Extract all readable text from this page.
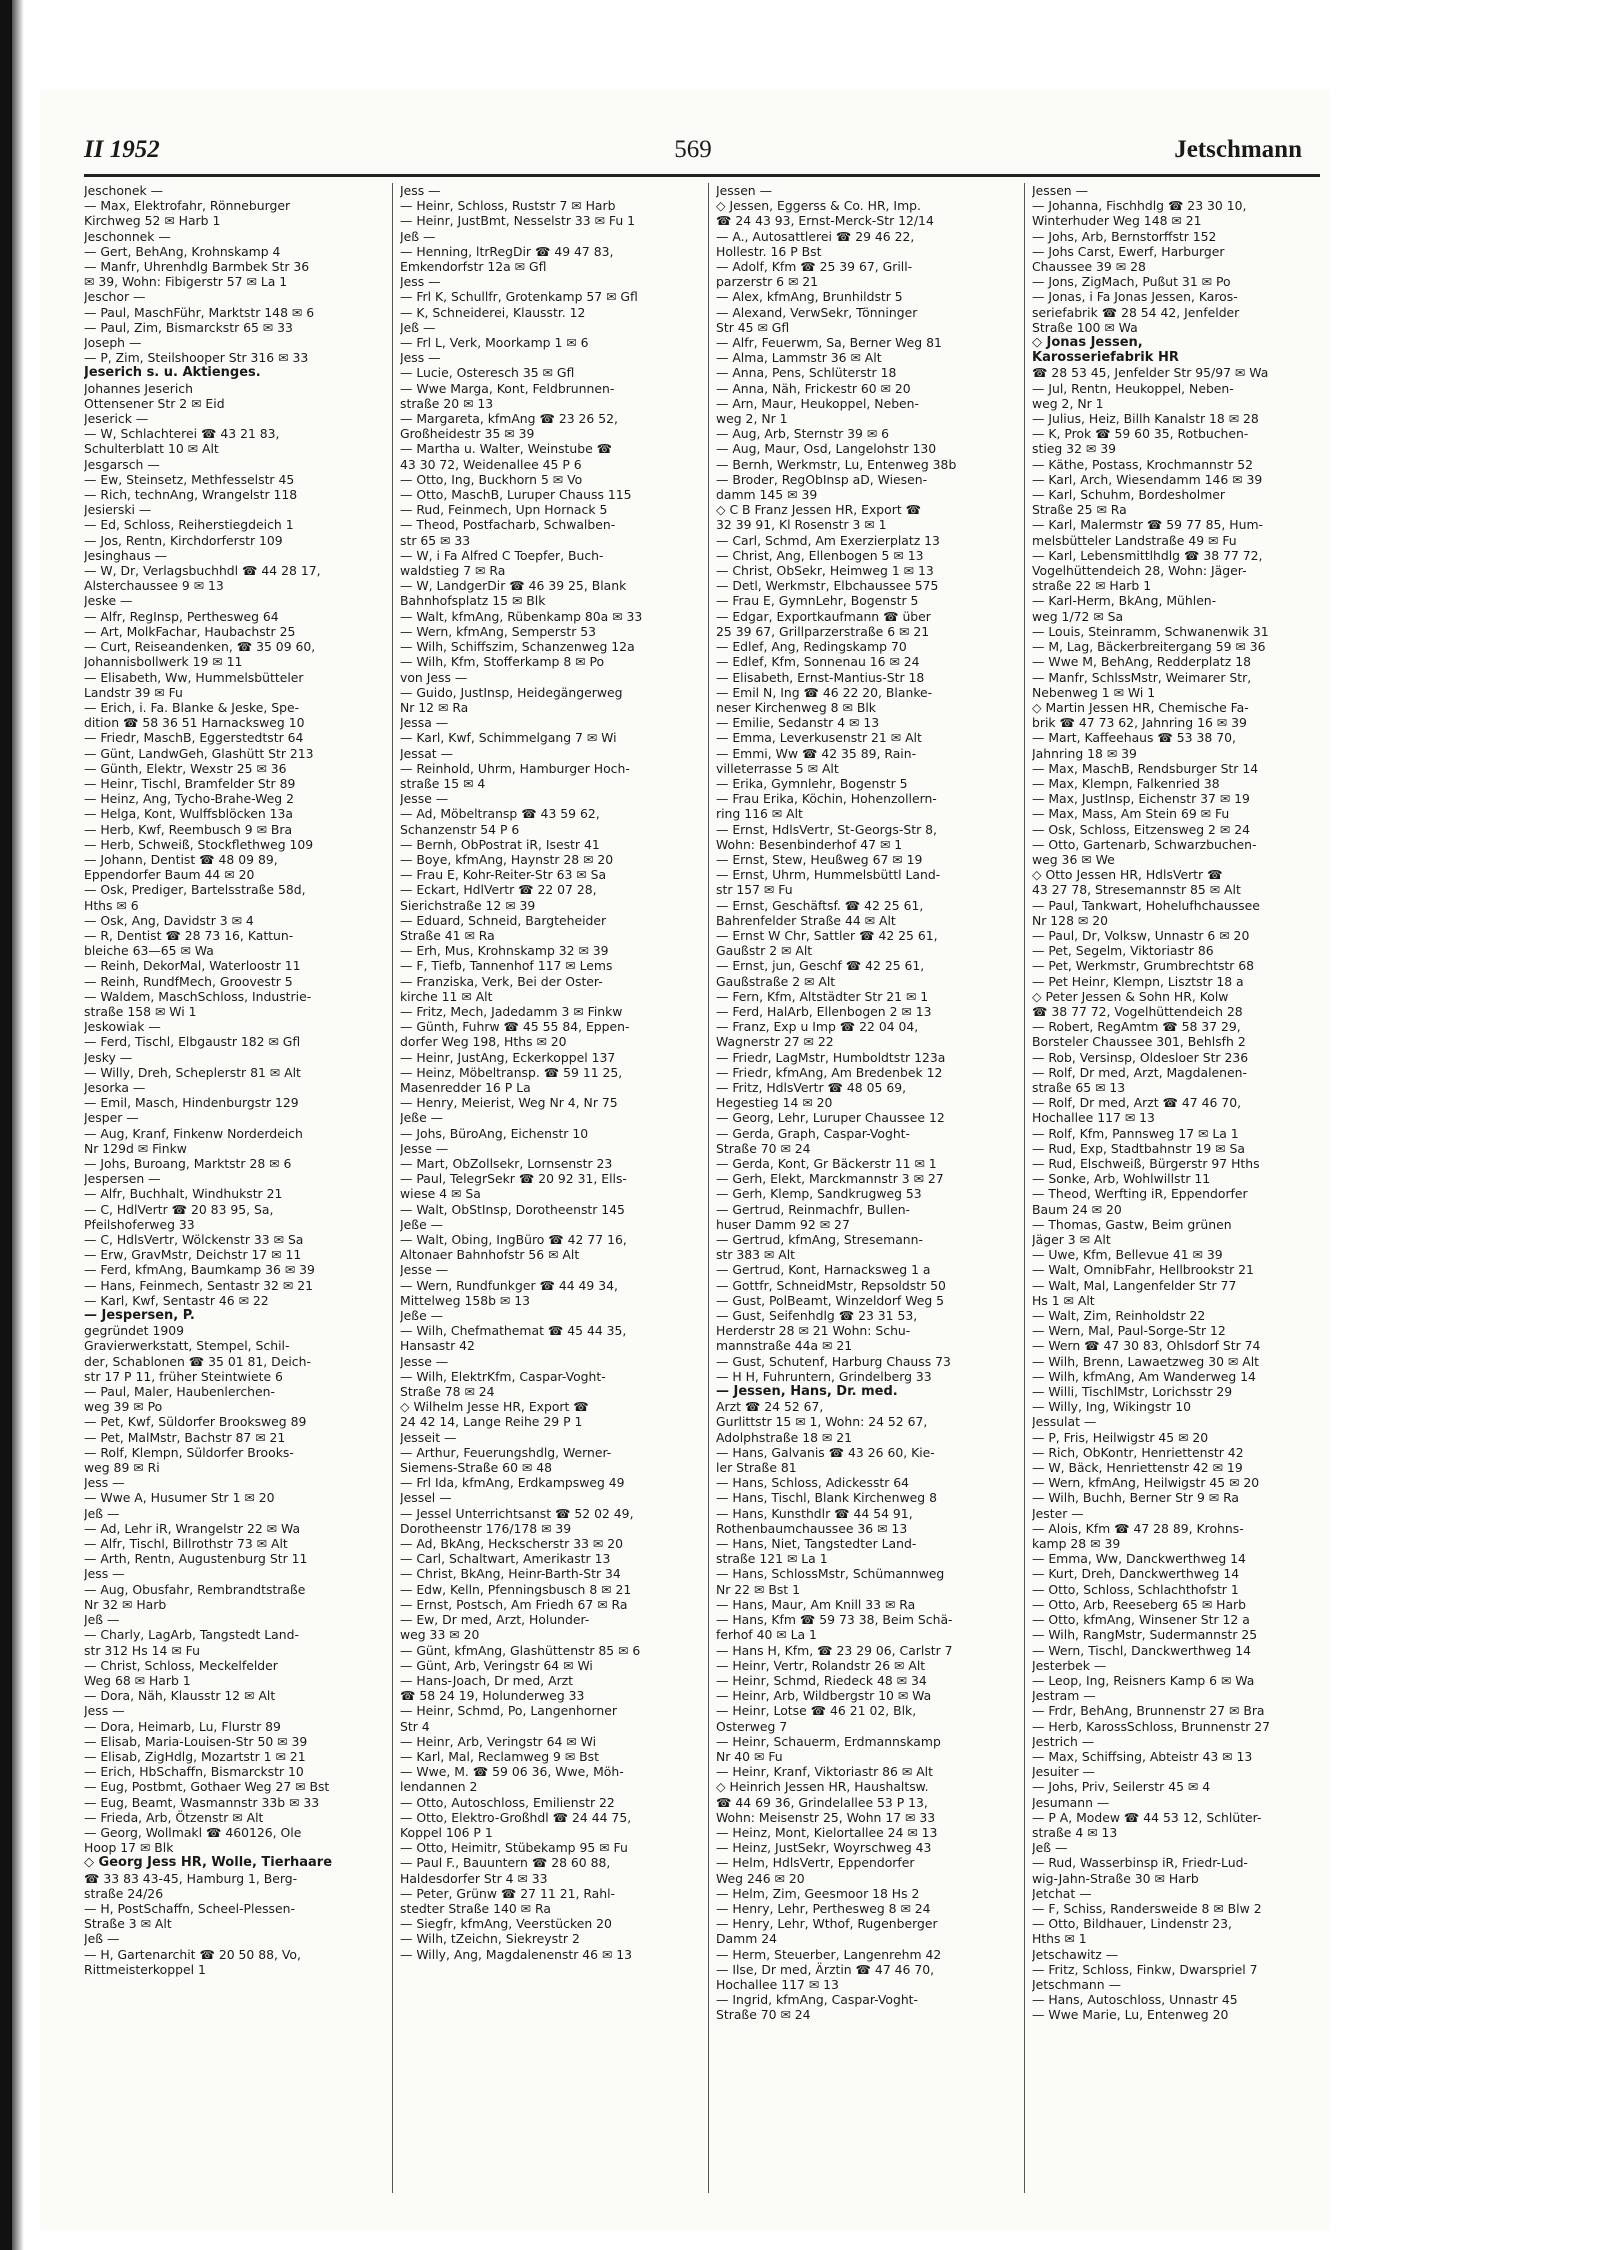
II 1952	569	Jetschmann
Jeschonek —
— Max, Elektrofahr, Rönneburger
Kirchweg 52 ✉ Harb 1
Jeschonnek —
— Gert, BehAng, Krohnskamp 4
— Manfr, Uhrenhdlg Barmbek Str 36
✉ 39, Wohn: Fibigerstr 57 ✉ La 1
Jeschor —
— Paul, MaschFühr, Marktstr 148 ✉ 6
— Paul, Zim, Bismarckstr 65 ✉ 33
Joseph —
— P, Zim, Steilshooper Str 316 ✉ 33
Jeserich s. u. Aktienges.
Johannes Jeserich
Ottensener Str 2 ✉ Eid
Jeserick —
— W, Schlachterei ☎ 43 21 83,
Schulterblatt 10 ✉ Alt
Jesgarsch —
— Ew, Steinsetz, Methfesselstr 45
— Rich, technAng, Wrangelstr 118
Jesierski —
— Ed, Schloss, Reiherstiegdeich 1
— Jos, Rentn, Kirchdorferstr 109
Jesinghaus —
— W, Dr, Verlagsbuchhdl ☎ 44 28 17,
Alsterchaussee 9 ✉ 13
Jeske —
— Alfr, RegInsp, Perthesweg 64
— Art, MolkFachar, Haubachstr 25
— Curt, Reiseandenken, ☎ 35 09 60,
Johannisbollwerk 19 ✉ 11
— Elisabeth, Ww, Hummelsbütteler
Landstr 39 ✉ Fu
— Erich, i. Fa. Blanke & Jeske, Spe-
dition ☎ 58 36 51 Harnacksweg 10
— Friedr, MaschB, Eggerstedtstr 64
— Günt, LandwGeh, Glashütt Str 213
— Günth, Elektr, Wexstr 25 ✉ 36
— Heinr, Tischl, Bramfelder Str 89
— Heinz, Ang, Tycho-Brahe-Weg 2
— Helga, Kont, Wulffsblöcken 13a
— Herb, Kwf, Reembusch 9 ✉ Bra
— Herb, Schweiß, Stockflethweg 109
— Johann, Dentist ☎ 48 09 89,
Eppendorfer Baum 44 ✉ 20
— Osk, Prediger, Bartelsstraße 58d,
Hths ✉ 6
— Osk, Ang, Davidstr 3 ✉ 4
— R, Dentist ☎ 28 73 16, Kattun-
bleiche 63—65 ✉ Wa
— Reinh, DekorMal, Waterloostr 11
— Reinh, RundfMech, Groovestr 5
— Waldem, MaschSchloss, Industrie-
straße 158 ✉ Wi 1
Jeskowiak —
— Ferd, Tischl, Elbgaustr 182 ✉ Gfl
Jesky —
— Willy, Dreh, Scheplerstr 81 ✉ Alt
Jesorka —
— Emil, Masch, Hindenburgstr 129
Jesper —
— Aug, Kranf, Finkenw Norderdeich
Nr 129d ✉ Finkw
— Johs, Buroang, Marktstr 28 ✉ 6
Jespersen —
— Alfr, Buchhalt, Windhukstr 21
— C, HdlVertr ☎ 20 83 95, Sa,
Pfeilshoferweg 33
— C, HdlsVertr, Wölckenstr 33 ✉ Sa
— Erw, GravMstr, Deichstr 17 ✉ 11
— Ferd, kfmAng, Baumkamp 36 ✉ 39
— Hans, Feinmech, Sentastr 32 ✉ 21
— Karl, Kwf, Sentastr 46 ✉ 22
— Jespersen, P.
gegründet 1909
Gravierwerkstatt, Stempel, Schil-
der, Schablonen ☎ 35 01 81, Deich-
str 17 P 11, früher Steintwiete 6
— Paul, Maler, Haubenlerchen-
weg 39 ✉ Po
— Pet, Kwf, Süldorfer Brooksweg 89
— Pet, MalMstr, Bachstr 87 ✉ 21
— Rolf, Klempn, Süldorfer Brooks-
weg 89 ✉ Ri
Jess —
— Wwe A, Husumer Str 1 ✉ 20
Jeß —
— Ad, Lehr iR, Wrangelstr 22 ✉ Wa
— Alfr, Tischl, Billrothstr 73 ✉ Alt
— Arth, Rentn, Augustenburg Str 11
Jess —
— Aug, Obusfahr, Rembrandtstraße
Nr 32 ✉ Harb
Jeß —
— Charly, LagArb, Tangstedt Land-
str 312 Hs 14 ✉ Fu
— Christ, Schloss, Meckelfelder
Weg 68 ✉ Harb 1
— Dora, Näh, Klausstr 12 ✉ Alt
Jess —
— Dora, Heimarb, Lu, Flurstr 89
— Elisab, Maria-Louisen-Str 50 ✉ 39
— Elisab, ZigHdlg, Mozartstr 1 ✉ 21
— Erich, HbSchaffn, Bismarckstr 10
— Eug, Postbmt, Gothaer Weg 27 ✉ Bst
— Eug, Beamt, Wasmannstr 33b ✉ 33
— Frieda, Arb, Ötzenstr ✉ Alt
— Georg, Wollmakl ☎ 460126, Ole
Hoop 17 ✉ Blk
◇ Georg Jess HR, Wolle, Tierhaare
☎ 33 83 43-45, Hamburg 1, Berg-
straße 24/26
— H, PostSchaffn, Scheel-Plessen-
Straße 3 ✉ Alt
Jeß —
— H, Gartenarchit ☎ 20 50 88, Vo,
Rittmeisterkoppel 1
Jess —
— Heinr, Schloss, Ruststr 7 ✉ Harb
— Heinr, JustBmt, Nesselstr 33 ✉ Fu 1
Jeß —
— Henning, ltrRegDir ☎ 49 47 83,
Emkendorfstr 12a ✉ Gfl
Jess —
— Frl K, Schullfr, Grotenkamp 57 ✉ Gfl
— K, Schneiderei, Klausstr. 12
Jeß —
— Frl L, Verk, Moorkamp 1 ✉ 6
Jess —
— Lucie, Osteresch 35 ✉ Gfl
— Wwe Marga, Kont, Feldbrunnen-
straße 20 ✉ 13
— Margareta, kfmAng ☎ 23 26 52,
Großheidestr 35 ✉ 39
— Martha u. Walter, Weinstube ☎
43 30 72, Weidenallee 45 P 6
— Otto, Ing, Buckhorn 5 ✉ Vo
— Otto, MaschB, Luruper Chauss 115
— Rud, Feinmech, Upn Hornack 5
— Theod, Postfacharb, Schwalben-
str 65 ✉ 33
— W, i Fa Alfred C Toepfer, Buch-
waldstieg 7 ✉ Ra
— W, LandgerDir ☎ 46 39 25, Blank
Bahnhofsplatz 15 ✉ Blk
— Walt, kfmAng, Rübenkamp 80a ✉ 33
— Wern, kfmAng, Semperstr 53
— Wilh, Schiffszim, Schanzenweg 12a
— Wilh, Kfm, Stofferkamp 8 ✉ Po
von Jess —
— Guido, JustInsp, Heidegängerweg
Nr 12 ✉ Ra
Jessa —
— Karl, Kwf, Schimmelgang 7 ✉ Wi
Jessat —
— Reinhold, Uhrm, Hamburger Hoch-
straße 15 ✉ 4
Jesse —
— Ad, Möbeltransp ☎ 43 59 62,
Schanzenstr 54 P 6
— Bernh, ObPostrat iR, Isestr 41
— Boye, kfmAng, Haynstr 28 ✉ 20
— Frau E, Kohr-Reiter-Str 63 ✉ Sa
— Eckart, HdlVertr ☎ 22 07 28,
Sierichstraße 12 ✉ 39
— Eduard, Schneid, Bargteheider
Straße 41 ✉ Ra
— Erh, Mus, Krohnskamp 32 ✉ 39
— F, Tiefb, Tannenhof 117 ✉ Lems
— Franziska, Verk, Bei der Oster-
kirche 11 ✉ Alt
— Fritz, Mech, Jadedamm 3 ✉ Finkw
— Günth, Fuhrw ☎ 45 55 84, Eppen-
dorfer Weg 198, Hths ✉ 20
— Heinr, JustAng, Eckerkoppel 137
— Heinz, Möbeltransp. ☎ 59 11 25,
Masenredder 16 P La
— Henry, Meierist, Weg Nr 4, Nr 75
Jeße —
— Johs, BüroAng, Eichenstr 10
Jesse —
— Mart, ObZollsekr, Lornsenstr 23
— Paul, TelegrSekr ☎ 20 92 31, Ells-
wiese 4 ✉ Sa
— Walt, ObStInsp, Dorotheenstr 145
Jeße —
— Walt, Obing, IngBüro ☎ 42 77 16,
Altonaer Bahnhofstr 56 ✉ Alt
Jesse —
— Wern, Rundfunkger ☎ 44 49 34,
Mittelweg 158b ✉ 13
Jeße —
— Wilh, Chefmathemat ☎ 45 44 35,
Hansastr 42
Jesse —
— Wilh, ElektrKfm, Caspar-Voght-
Straße 78 ✉ 24
◇ Wilhelm Jesse HR, Export ☎
24 42 14, Lange Reihe 29 P 1
Jesseit —
— Arthur, Feuerungshdlg, Werner-
Siemens-Straße 60 ✉ 48
— Frl Ida, kfmAng, Erdkampsweg 49
Jessel —
— Jessel Unterrichtsanst ☎ 52 02 49,
Dorotheenstr 176/178 ✉ 39
— Ad, BkAng, Heckscherstr 33 ✉ 20
— Carl, Schaltwart, Amerikastr 13
— Christ, BkAng, Heinr-Barth-Str 34
— Edw, Kelln, Pfenningsbusch 8 ✉ 21
— Ernst, Postsch, Am Friedh 67 ✉ Ra
— Ew, Dr med, Arzt, Holunder-
weg 33 ✉ 20
— Günt, kfmAng, Glashüttenstr 85 ✉ 6
— Günt, Arb, Veringstr 64 ✉ Wi
— Hans-Joach, Dr med, Arzt
☎ 58 24 19, Holunderweg 33
— Heinr, Schmd, Po, Langenhorner
Str 4
— Heinr, Arb, Veringstr 64 ✉ Wi
— Karl, Mal, Reclamweg 9 ✉ Bst
— Wwe, M. ☎ 59 06 36, Wwe, Möh-
lendannen 2
— Otto, Autoschloss, Emilienstr 22
— Otto, Elektro-Großhdl ☎ 24 44 75,
Koppel 106 P 1
— Otto, Heimitr, Stübekamp 95 ✉ Fu
— Paul F., Bauuntern ☎ 28 60 88,
Haldesdorfer Str 4 ✉ 33
— Peter, Grünw ☎ 27 11 21, Rahl-
stedter Straße 140 ✉ Ra
— Siegfr, kfmAng, Veerstücken 20
— Wilh, tZeichn, Siekreystr 2
— Willy, Ang, Magdalenenstr 46 ✉ 13
Jessen —
◇ Jessen, Eggerss & Co. HR, Imp.
☎ 24 43 93, Ernst-Merck-Str 12/14
— A., Autosattlerei ☎ 29 46 22,
Hollestr. 16 P Bst
— Adolf, Kfm ☎ 25 39 67, Grill-
parzerstr 6 ✉ 21
— Alex, kfmAng, Brunhildstr 5
— Alexand, VerwSekr, Tönninger
Str 45 ✉ Gfl
— Alfr, Feuerwm, Sa, Berner Weg 81
— Alma, Lammstr 36 ✉ Alt
— Anna, Pens, Schlüterstr 18
— Anna, Näh, Frickestr 60 ✉ 20
— Arn, Maur, Heukoppel, Neben-
weg 2, Nr 1
— Aug, Arb, Sternstr 39 ✉ 6
— Aug, Maur, Osd, Langelohstr 130
— Bernh, Werkmstr, Lu, Entenweg 38b
— Broder, RegObInsp aD, Wiesen-
damm 145 ✉ 39
◇ C B Franz Jessen HR, Export ☎
32 39 91, Kl Rosenstr 3 ✉ 1
— Carl, Schmd, Am Exerzierplatz 13
— Christ, Ang, Ellenbogen 5 ✉ 13
— Christ, ObSekr, Heimweg 1 ✉ 13
— Detl, Werkmstr, Elbchaussee 575
— Frau E, GymnLehr, Bogenstr 5
— Edgar, Exportkaufmann ☎ über
25 39 67, Grillparzerstraße 6 ✉ 21
— Edlef, Ang, Redingskamp 70
— Edlef, Kfm, Sonnenau 16 ✉ 24
— Elisabeth, Ernst-Mantius-Str 18
— Emil N, Ing ☎ 46 22 20, Blanke-
neser Kirchenweg 8 ✉ Blk
— Emilie, Sedanstr 4 ✉ 13
— Emma, Leverkusenstr 21 ✉ Alt
— Emmi, Ww ☎ 42 35 89, Rain-
villeterrasse 5 ✉ Alt
— Erika, Gymnlehr, Bogenstr 5
— Frau Erika, Köchin, Hohenzollern-
ring 116 ✉ Alt
— Ernst, HdlsVertr, St-Georgs-Str 8,
Wohn: Besenbinderhof 47 ✉ 1
— Ernst, Stew, Heußweg 67 ✉ 19
— Ernst, Uhrm, Hummelsbüttl Land-
str 157 ✉ Fu
— Ernst, Geschäftsf. ☎ 42 25 61,
Bahrenfelder Straße 44 ✉ Alt
— Ernst W Chr, Sattler ☎ 42 25 61,
Gaußstr 2 ✉ Alt
— Ernst, jun, Geschf ☎ 42 25 61,
Gaußstraße 2 ✉ Alt
— Fern, Kfm, Altstädter Str 21 ✉ 1
— Ferd, HalArb, Ellenbogen 2 ✉ 13
— Franz, Exp u Imp ☎ 22 04 04,
Wagnerstr 27 ✉ 22
— Friedr, LagMstr, Humboldtstr 123a
— Friedr, kfmAng, Am Bredenbek 12
— Fritz, HdlsVertr ☎ 48 05 69,
Hegestieg 14 ✉ 20
— Georg, Lehr, Luruper Chaussee 12
— Gerda, Graph, Caspar-Voght-
Straße 70 ✉ 24
— Gerda, Kont, Gr Bäckerstr 11 ✉ 1
— Gerh, Elekt, Marckmannstr 3 ✉ 27
— Gerh, Klemp, Sandkrugweg 53
— Gertrud, Reinmachfr, Bullen-
huser Damm 92 ✉ 27
— Gertrud, kfmAng, Stresemann-
str 383 ✉ Alt
— Gertrud, Kont, Harnacksweg 1 a
— Gottfr, SchneidMstr, Repsoldstr 50
— Gust, PolBeamt, Winzeldorf Weg 5
— Gust, Seifenhdlg ☎ 23 31 53,
Herderstr 28 ✉ 21 Wohn: Schu-
mannstraße 44a ✉ 21
— Gust, Schutenf, Harburg Chauss 73
— H H, Fuhruntern, Grindelberg 33
— Jessen, Hans, Dr. med.
Arzt ☎ 24 52 67,
Gurlittstr 15 ✉ 1, Wohn: 24 52 67,
Adolphstraße 18 ✉ 21
— Hans, Galvanis ☎ 43 26 60, Kie-
ler Straße 81
— Hans, Schloss, Adickesstr 64
— Hans, Tischl, Blank Kirchenweg 8
— Hans, Kunsthdlr ☎ 44 54 91,
Rothenbaumchaussee 36 ✉ 13
— Hans, Niet, Tangstedter Land-
straße 121 ✉ La 1
— Hans, SchlossMstr, Schümannweg
Nr 22 ✉ Bst 1
— Hans, Maur, Am Knill 33 ✉ Ra
— Hans, Kfm ☎ 59 73 38, Beim Schä-
ferhof 40 ✉ La 1
— Hans H, Kfm, ☎ 23 29 06, Carlstr 7
— Heinr, Vertr, Rolandstr 26 ✉ Alt
— Heinr, Schmd, Riedeck 48 ✉ 34
— Heinr, Arb, Wildbergstr 10 ✉ Wa
— Heinr, Lotse ☎ 46 21 02, Blk,
Osterweg 7
— Heinr, Schauerm, Erdmannskamp
Nr 40 ✉ Fu
— Heinr, Kranf, Viktoriastr 86 ✉ Alt
◇ Heinrich Jessen HR, Haushaltsw.
☎ 44 69 36, Grindelallee 53 P 13,
Wohn: Meisenstr 25, Wohn 17 ✉ 33
— Heinz, Mont, Kielortallee 24 ✉ 13
— Heinz, JustSekr, Woyrschweg 43
— Helm, HdlsVertr, Eppendorfer
Weg 246 ✉ 20
— Helm, Zim, Geesmoor 18 Hs 2
— Henry, Lehr, Perthesweg 8 ✉ 24
— Henry, Lehr, Wthof, Rugenberger
Damm 24
— Herm, Steuerber, Langenrehm 42
— Ilse, Dr med, Ärztin ☎ 47 46 70,
Hochallee 117 ✉ 13
— Ingrid, kfmAng, Caspar-Voght-
Straße 70 ✉ 24
Jessen —
— Johanna, Fischhdlg ☎ 23 30 10,
Winterhuder Weg 148 ✉ 21
— Johs, Arb, Bernstorffstr 152
— Johs Carst, Ewerf, Harburger
Chaussee 39 ✉ 28
— Jons, ZigMach, Pußut 31 ✉ Po
— Jonas, i Fa Jonas Jessen, Karos-
seriefabrik ☎ 28 54 42, Jenfelder
Straße 100 ✉ Wa
◇ Jonas Jessen,
Karosseriefabrik HR
☎ 28 53 45, Jenfelder Str 95/97 ✉ Wa
— Jul, Rentn, Heukoppel, Neben-
weg 2, Nr 1
— Julius, Heiz, Billh Kanalstr 18 ✉ 28
— K, Prok ☎ 59 60 35, Rotbuchen-
stieg 32 ✉ 39
— Käthe, Postass, Krochmannstr 52
— Karl, Arch, Wiesendamm 146 ✉ 39
— Karl, Schuhm, Bordesholmer
Straße 25 ✉ Ra
— Karl, Malermstr ☎ 59 77 85, Hum-
melsbütteler Landstraße 49 ✉ Fu
— Karl, Lebensmittlhdlg ☎ 38 77 72,
Vogelhüttendeich 28, Wohn: Jäger-
straße 22 ✉ Harb 1
— Karl-Herm, BkAng, Mühlen-
weg 1/72 ✉ Sa
— Louis, Steinramm, Schwanenwik 31
— M, Lag, Bäckerbreitergang 59 ✉ 36
— Wwe M, BehAng, Redderplatz 18
— Manfr, SchlssMstr, Weimarer Str,
Nebenweg 1 ✉ Wi 1
◇ Martin Jessen HR, Chemische Fa-
brik ☎ 47 73 62, Jahnring 16 ✉ 39
— Mart, Kaffeehaus ☎ 53 38 70,
Jahnring 18 ✉ 39
— Max, MaschB, Rendsburger Str 14
— Max, Klempn, Falkenried 38
— Max, JustInsp, Eichenstr 37 ✉ 19
— Max, Mass, Am Stein 69 ✉ Fu
— Osk, Schloss, Eitzensweg 2 ✉ 24
— Otto, Gartenarb, Schwarzbuchen-
weg 36 ✉ We
◇ Otto Jessen HR, HdlsVertr ☎
43 27 78, Stresemannstr 85 ✉ Alt
— Paul, Tankwart, Hohelufhchaussee
Nr 128 ✉ 20
— Paul, Dr, Volksw, Unnastr 6 ✉ 20
— Pet, Segelm, Viktoriastr 86
— Pet, Werkmstr, Grumbrechtstr 68
— Pet Heinr, Klempn, Lisztstr 18 a
◇ Peter Jessen & Sohn HR, Kolw
☎ 38 77 72, Vogelhüttendeich 28
— Robert, RegAmtm ☎ 58 37 29,
Borsteler Chaussee 301, Behlsfh 2
— Rob, Versinsp, Oldesloer Str 236
— Rolf, Dr med, Arzt, Magdalenen-
straße 65 ✉ 13
— Rolf, Dr med, Arzt ☎ 47 46 70,
Hochallee 117 ✉ 13
— Rolf, Kfm, Pannsweg 17 ✉ La 1
— Rud, Exp, Stadtbahnstr 19 ✉ Sa
— Rud, Elschweiß, Bürgerstr 97 Hths
— Sonke, Arb, Wohlwillstr 11
— Theod, Werfting iR, Eppendorfer
Baum 24 ✉ 20
— Thomas, Gastw, Beim grünen
Jäger 3 ✉ Alt
— Uwe, Kfm, Bellevue 41 ✉ 39
— Walt, OmnibFahr, Hellbrookstr 21
— Walt, Mal, Langenfelder Str 77
Hs 1 ✉ Alt
— Walt, Zim, Reinholdstr 22
— Wern, Mal, Paul-Sorge-Str 12
— Wern ☎ 47 30 83, Ohlsdorf Str 74
— Wilh, Brenn, Lawaetzweg 30 ✉ Alt
— Wilh, kfmAng, Am Wanderweg 14
— Willi, TischlMstr, Lorichsstr 29
— Willy, Ing, Wikingstr 10
Jessulat —
— P, Fris, Heilwigstr 45 ✉ 20
— Rich, ObKontr, Henriettenstr 42
— W, Bäck, Henriettenstr 42 ✉ 19
— Wern, kfmAng, Heilwigstr 45 ✉ 20
— Wilh, Buchh, Berner Str 9 ✉ Ra
Jester —
— Alois, Kfm ☎ 47 28 89, Krohns-
kamp 28 ✉ 39
— Emma, Ww, Danckwerthweg 14
— Kurt, Dreh, Danckwerthweg 14
— Otto, Schloss, Schlachthofstr 1
— Otto, Arb, Reeseberg 65 ✉ Harb
— Otto, kfmAng, Winsener Str 12 a
— Wilh, RangMstr, Sudermannstr 25
— Wern, Tischl, Danckwerthweg 14
Jesterbek —
— Leop, Ing, Reisners Kamp 6 ✉ Wa
Jestram —
— Frdr, BehAng, Brunnenstr 27 ✉ Bra
— Herb, KarossSchloss, Brunnenstr 27
Jestrich —
— Max, Schiffsing, Abteistr 43 ✉ 13
Jesuiter —
— Johs, Priv, Seilerstr 45 ✉ 4
Jesumann —
— P A, Modew ☎ 44 53 12, Schlüter-
straße 4 ✉ 13
Jeß —
— Rud, Wasserbinsp iR, Friedr-Lud-
wig-Jahn-Straße 30 ✉ Harb
Jetchat —
— F, Schiss, Randersweide 8 ✉ Blw 2
— Otto, Bildhauer, Lindenstr 23,
Hths ✉ 1
Jetschawitz —
— Fritz, Schloss, Finkw, Dwarspriel 7
Jetschmann —
— Hans, Autoschloss, Unnastr 45
— Wwe Marie, Lu, Entenweg 20
